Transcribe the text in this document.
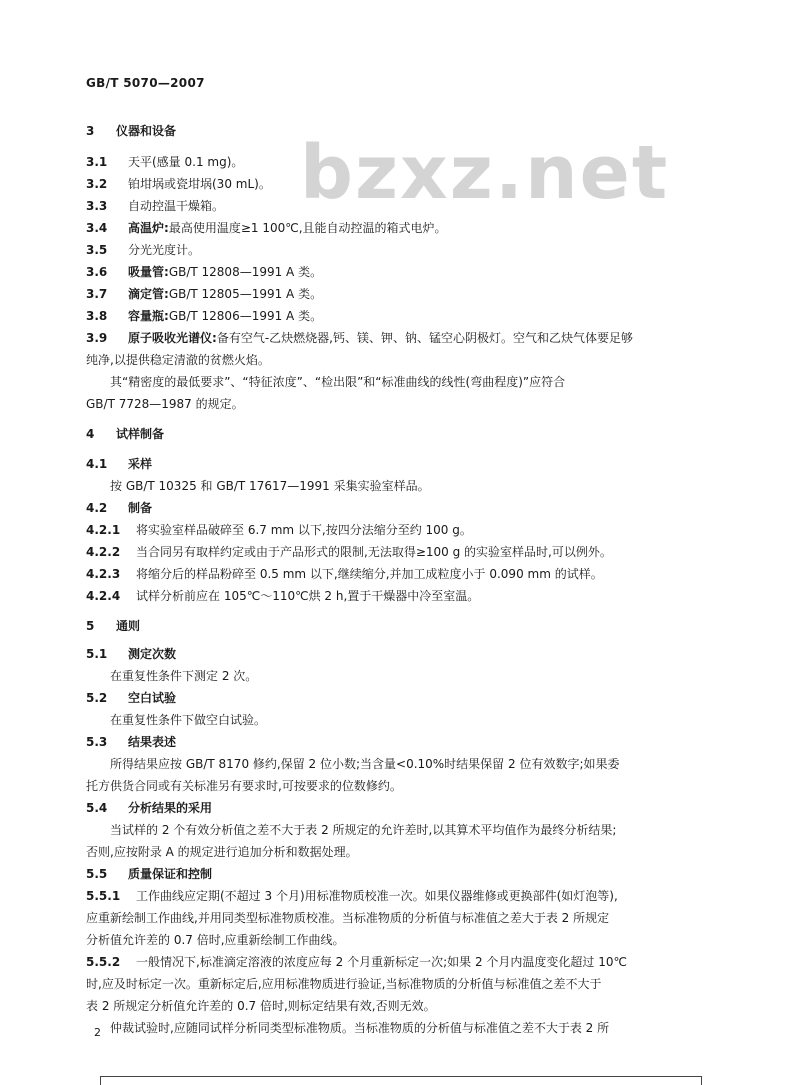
GB/T 5070—2007
bzxz.net
3 仪器和设备
3.1 天平(感量 0.1 mg)。
3.2 铂坩埚或瓷坩埚(30 mL)。
3.3 自动控温干燥箱。
3.4 高温炉:最高使用温度≥1 100℃,且能自动控温的箱式电炉。
3.5 分光光度计。
3.6 吸量管:GB/T 12808—1991 A 类。
3.7 滴定管:GB/T 12805—1991 A 类。
3.8 容量瓶:GB/T 12806—1991 A 类。
3.9 原子吸收光谱仪:备有空气-乙炔燃烧器,钙、镁、钾、钠、锰空心阴极灯。空气和乙炔气体要足够
纯净,以提供稳定清澈的贫燃火焰。
其“精密度的最低要求”、“特征浓度”、“检出限”和“标准曲线的线性(弯曲程度)”应符合
GB/T 7728—1987 的规定。
4 试样制备
4.1 采样
按 GB/T 10325 和 GB/T 17617—1991 采集实验室样品。
4.2 制备
4.2.1 将实验室样品破碎至 6.7 mm 以下,按四分法缩分至约 100 g。
4.2.2 当合同另有取样约定或由于产品形式的限制,无法取得≥100 g 的实验室样品时,可以例外。
4.2.3 将缩分后的样品粉碎至 0.5 mm 以下,继续缩分,并加工成粒度小于 0.090 mm 的试样。
4.2.4 试样分析前应在 105℃～110℃烘 2 h,置于干燥器中冷至室温。
5 通则
5.1 测定次数
在重复性条件下测定 2 次。
5.2 空白试验
在重复性条件下做空白试验。
5.3 结果表述
所得结果应按 GB/T 8170 修约,保留 2 位小数;当含量<0.10%时结果保留 2 位有效数字;如果委
托方供货合同或有关标准另有要求时,可按要求的位数修约。
5.4 分析结果的采用
当试样的 2 个有效分析值之差不大于表 2 所规定的允许差时,以其算术平均值作为最终分析结果;
否则,应按附录 A 的规定进行追加分析和数据处理。
5.5 质量保证和控制
5.5.1 工作曲线应定期(不超过 3 个月)用标准物质校准一次。如果仪器维修或更换部件(如灯泡等),
应重新绘制工作曲线,并用同类型标准物质校准。当标准物质的分析值与标准值之差大于表 2 所规定
分析值允许差的 0.7 倍时,应重新绘制工作曲线。
5.5.2 一般情况下,标准滴定溶液的浓度应每 2 个月重新标定一次;如果 2 个月内温度变化超过 10℃
时,应及时标定一次。重新标定后,应用标准物质进行验证,当标准物质的分析值与标准值之差不大于
表 2 所规定分析值允许差的 0.7 倍时,则标定结果有效,否则无效。
仲裁试验时,应随同试样分析同类型标准物质。当标准物质的分析值与标准值之差不大于表 2 所
2
